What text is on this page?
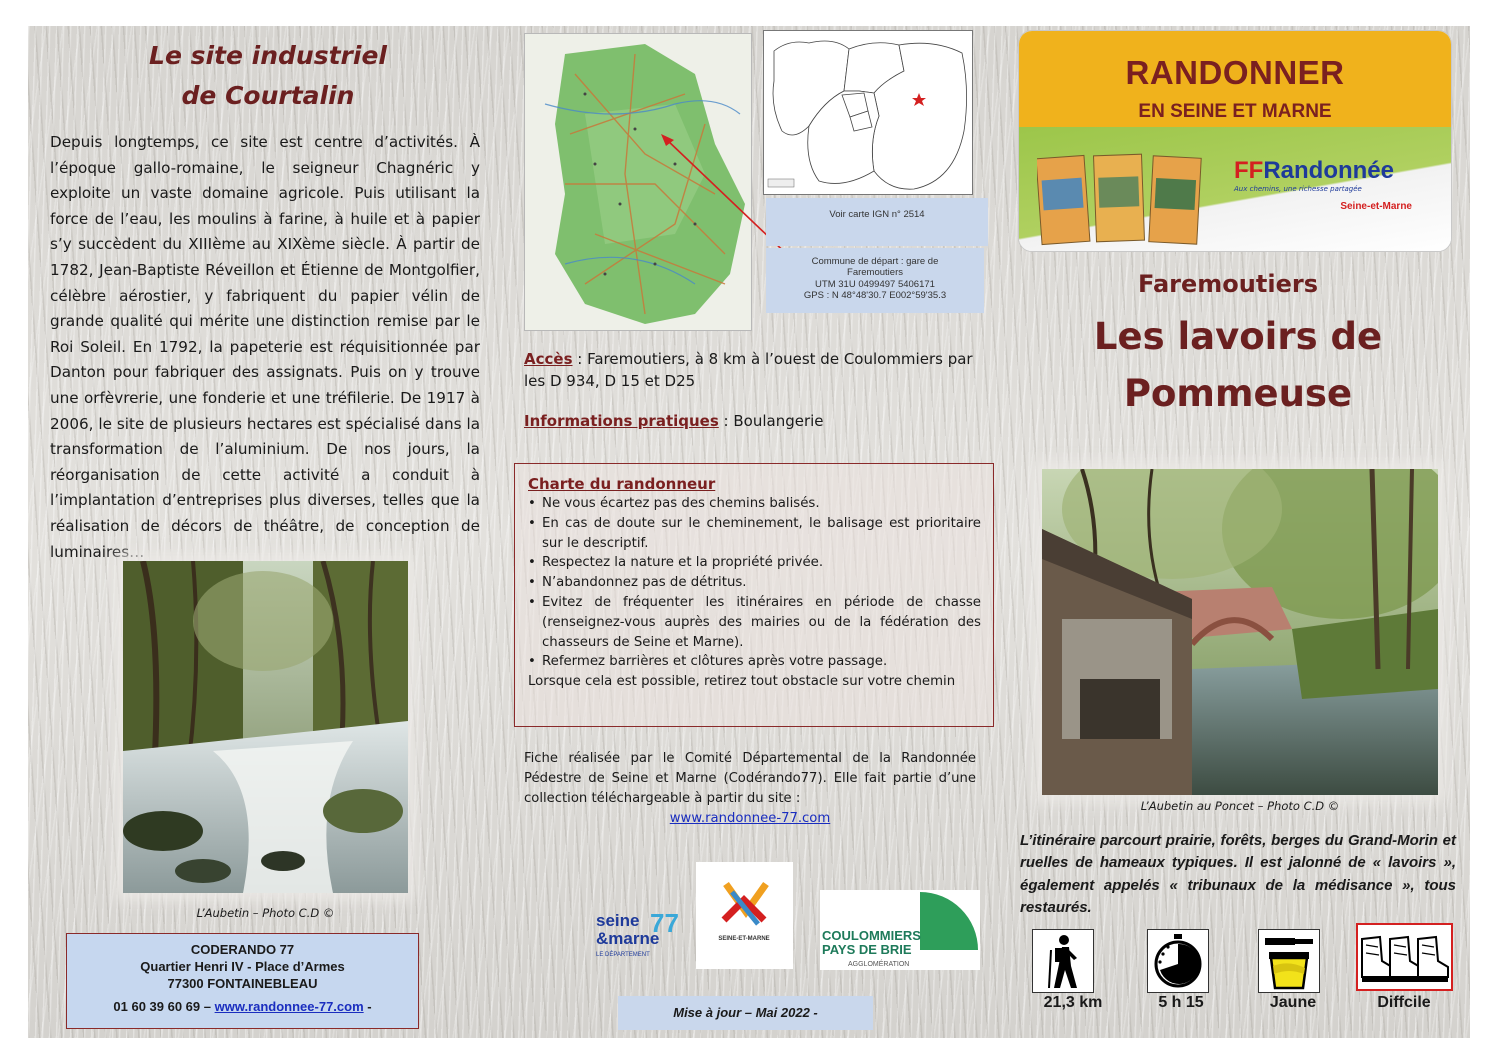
Le site industriel
de Courtalin
Depuis longtemps, ce site est centre d’activités. À l’époque gallo-romaine, le seigneur Chagnéric y exploite un vaste domaine agricole. Puis utilisant la force de l’eau, les moulins à farine, à huile et à papier s’y succèdent du XIIIème au XIXème siècle. À partir de 1782, Jean-Baptiste Réveillon et Étienne de Montgolfier, célèbre aérostier, y fabriquent du papier vélin de grande qualité qui mérite une distinction remise par le Roi Soleil. En 1792, la papeterie est réquisitionnée par Danton pour fabriquer des assignats. Puis on y trouve une orfèvrerie, une fonderie et une tréfilerie. De 1917 à 2006, le site de plusieurs hectares est spécialisé dans la transformation de l’aluminium. De nos jours, la réorganisation de cette activité a conduit à l’implantation d’entreprises plus diverses, telles que la réalisation de décors de théâtre, de conception de luminaires…
L’Aubetin – Photo C.D ©
CODERANDO 77
Quartier Henri IV - Place d’Armes
77300 FONTAINEBLEAU
01 60 39 60 69 – www.randonnee-77.com -
Voir carte IGN n° 2514
Commune de départ : gare de
Faremoutiers
UTM 31U 0499497 5406171
GPS : N 48°48'30.7 E002°59'35.3
Accès : Faremoutiers, à 8 km à l’ouest de Coulommiers par les D 934, D 15 et D25
Informations pratiques : Boulangerie
Charte du randonneur
• Ne vous écartez pas des chemins balisés.
• En cas de doute sur le cheminement, le balisage est prioritaire sur le descriptif.
• Respectez la nature et la propriété privée.
• N’abandonnez pas de détritus.
• Evitez de fréquenter les itinéraires en période de chasse (renseignez-vous auprès des mairies ou de la fédération des chasseurs de Seine et Marne).
• Refermez barrières et clôtures après votre passage.
Lorsque cela est possible, retirez tout obstacle sur votre chemin
Fiche réalisée par le Comité Départemental de la Randonnée Pédestre de Seine et Marne (Codérando77). Elle fait partie d’une collection téléchargeable à partir du site :
www.randonnee-77.com
seine
&marne
77
LE DÉPARTEMENT
SEINE-ET-MARNE	COULOMMIERS
PAYS DE BRIE
AGGLOMÉRATION
Mise à jour – Mai 2022 -
RANDONNER
EN SEINE ET MARNE
FFRandonnée
Aux chemins, une richesse partagée
Seine-et-Marne
Faremoutiers
Les lavoirs de
Pommeuse
L’Aubetin au Poncet – Photo C.D ©
L’itinéraire parcourt prairie, forêts, berges du Grand-Morin et ruelles de hameaux typiques. Il est jalonné de « lavoirs », également appelés « tribunaux de la médisance », tous restaurés.
21,3 km	5 h 15	Jaune	Diffcile
